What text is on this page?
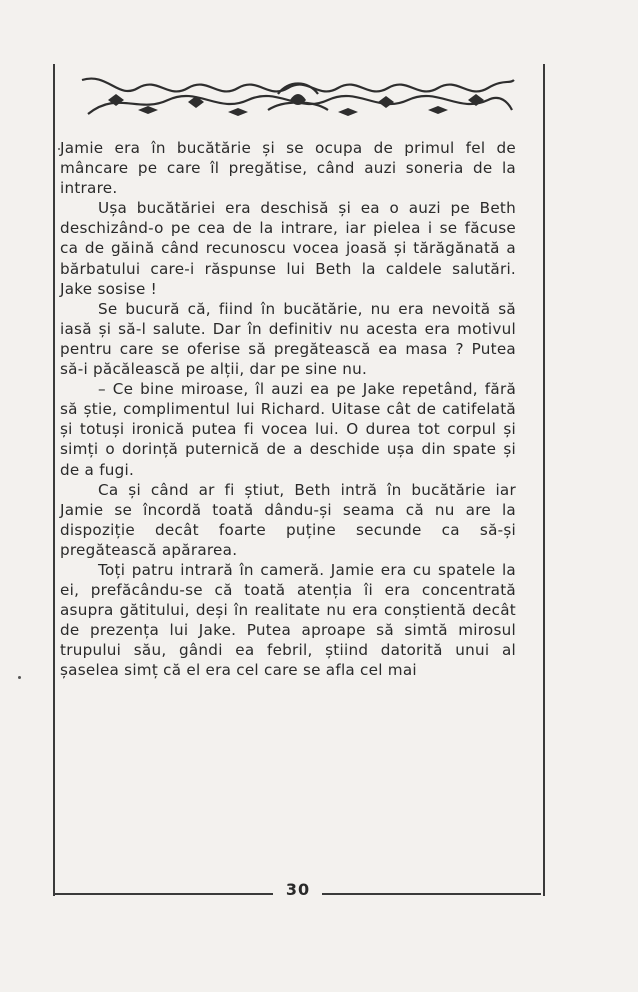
Jamie era în bucătărie și se ocupa de primul fel de mâncare pe care îl pregătise, când auzi soneria de la intrare.

Ușa bucătăriei era deschisă și ea o auzi pe Beth deschizând-o pe cea de la intrare, iar pielea i se făcuse ca de găină când recunoscu vocea joasă și tărăgănată a bărbatului care-i răspunse lui Beth la caldele salutări. Jake sosise !

Se bucură că, fiind în bucătărie, nu era nevoită să iasă și să-l salute. Dar în definitiv nu acesta era motivul pentru care se oferise să pregătească ea masa ? Putea să-i păcălească pe alții, dar pe sine nu.

– Ce bine miroase, îl auzi ea pe Jake repetând, fără să știe, complimentul lui Richard. Uitase cât de catifelată și totuși ironică putea fi vocea lui. O durea tot corpul și simți o dorință puternică de a deschide ușa din spate și de a fugi.

Ca și când ar fi știut, Beth intră în bucătărie iar Jamie se încordă toată dându-și seama că nu are la dispoziție decât foarte puține secunde ca să-și pregătească apărarea.

Toți patru intrară în cameră. Jamie era cu spatele la ei, prefăcându-se că toată atenția îi era concentrată asupra gătitului, deși în realitate nu era conștientă decât de prezența lui Jake. Putea aproape să simtă mirosul trupului său, gândi ea febril, știind datorită unui al șaselea simț că el era cel care se afla cel mai

30
